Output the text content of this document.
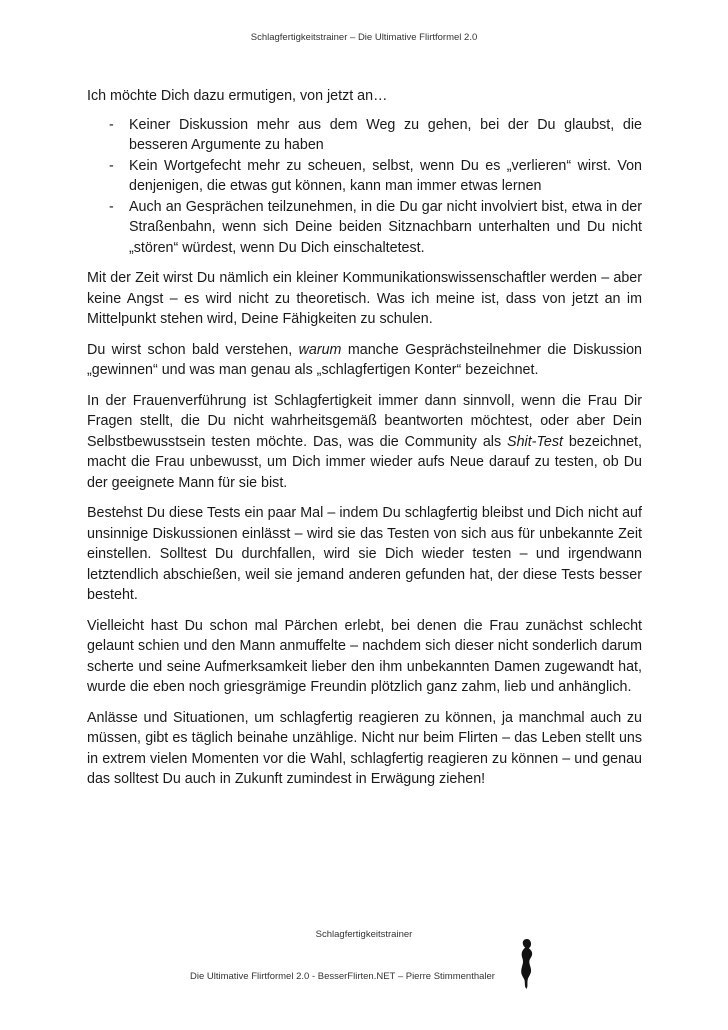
Schlagfertigkeitstrainer – Die Ultimative Flirtformel 2.0

Ich möchte Dich dazu ermutigen, von jetzt an…

- Keiner Diskussion mehr aus dem Weg zu gehen, bei der Du glaubst, die besseren Argumente zu haben
- Kein Wortgefecht mehr zu scheuen, selbst, wenn Du es „verlieren“ wirst. Von denjenigen, die etwas gut können, kann man immer etwas lernen
- Auch an Gesprächen teilzunehmen, in die Du gar nicht involviert bist, etwa in der Straßenbahn, wenn sich Deine beiden Sitznachbarn unterhalten und Du nicht „stören“ würdest, wenn Du Dich einschaltetest.

Mit der Zeit wirst Du nämlich ein kleiner Kommunikationswissenschaftler werden – aber keine Angst – es wird nicht zu theoretisch. Was ich meine ist, dass von jetzt an im Mittelpunkt stehen wird, Deine Fähigkeiten zu schulen.

Du wirst schon bald verstehen, warum manche Gesprächsteilnehmer die Diskussion „gewinnen“ und was man genau als „schlagfertigen Konter“ bezeichnet.

In der Frauenverführung ist Schlagfertigkeit immer dann sinnvoll, wenn die Frau Dir Fragen stellt, die Du nicht wahrheitsgemäß beantworten möchtest, oder aber Dein Selbstbewusstsein testen möchte. Das, was die Community als Shit-Test bezeichnet, macht die Frau unbewusst, um Dich immer wieder aufs Neue darauf zu testen, ob Du der geeignete Mann für sie bist.

Bestehst Du diese Tests ein paar Mal – indem Du schlagfertig bleibst und Dich nicht auf unsinnige Diskussionen einlässt – wird sie das Testen von sich aus für unbekannte Zeit einstellen. Solltest Du durchfallen, wird sie Dich wieder testen – und irgendwann letztendlich abschießen, weil sie jemand anderen gefunden hat, der diese Tests besser besteht.

Vielleicht hast Du schon mal Pärchen erlebt, bei denen die Frau zunächst schlecht gelaunt schien und den Mann anmuffelte – nachdem sich dieser nicht sonderlich darum scherte und seine Aufmerksamkeit lieber den ihm unbekannten Damen zugewandt hat, wurde die eben noch griesgrämige Freundin plötzlich ganz zahm, lieb und anhänglich.

Anlässe und Situationen, um schlagfertig reagieren zu können, ja manchmal auch zu müssen, gibt es täglich beinahe unzählige. Nicht nur beim Flirten – das Leben stellt uns in extrem vielen Momenten vor die Wahl, schlagfertig reagieren zu können – und genau das solltest Du auch in Zukunft zumindest in Erwägung ziehen!

Schlagfertigkeitstrainer
Die Ultimative Flirtformel 2.0 - BesserFlirten.NET – Pierre Stimmenthaler
